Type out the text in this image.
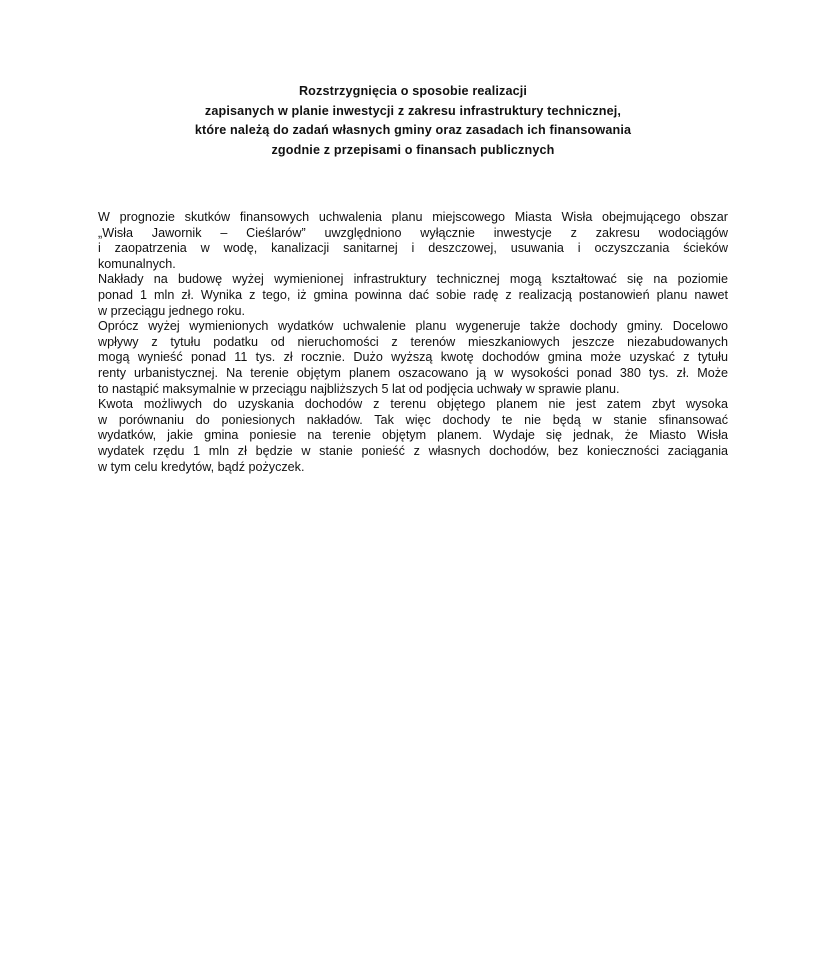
Rozstrzygnięcia o sposobie realizacji
zapisanych w planie inwestycji z zakresu infrastruktury technicznej,
które należą do zadań własnych gminy oraz zasadach ich finansowania
zgodnie z przepisami o finansach publicznych
W prognozie skutków finansowych uchwalenia planu miejscowego Miasta Wisła obejmującego obszar
„Wisła Jawornik – Cieślarów” uwzględniono wyłącznie inwestycje z zakresu wodociągów
i zaopatrzenia w wodę, kanalizacji sanitarnej i deszczowej, usuwania i oczyszczania ścieków
komunalnych.
Nakłady na budowę wyżej wymienionej infrastruktury technicznej mogą kształtować się na poziomie
ponad 1 mln zł. Wynika z tego, iż gmina powinna dać sobie radę z realizacją postanowień planu nawet
w przeciągu jednego roku.
Oprócz wyżej wymienionych wydatków uchwalenie planu wygeneruje także dochody gminy. Docelowo
wpływy z tytułu podatku od nieruchomości z terenów mieszkaniowych jeszcze niezabudowanych
mogą wynieść ponad 11 tys. zł rocznie. Dużo wyższą kwotę dochodów gmina może uzyskać z tytułu
renty urbanistycznej. Na terenie objętym planem oszacowano ją w wysokości ponad 380 tys. zł. Może
to nastąpić maksymalnie w przeciągu najbliższych 5 lat od podjęcia uchwały w sprawie planu.
Kwota możliwych do uzyskania dochodów z terenu objętego planem nie jest zatem zbyt wysoka
w porównaniu do poniesionych nakładów. Tak więc dochody te nie będą w stanie sfinansować
wydatków, jakie gmina poniesie na terenie objętym planem. Wydaje się jednak, że Miasto Wisła
wydatek rzędu 1 mln zł będzie w stanie ponieść z własnych dochodów, bez konieczności zaciągania
w tym celu kredytów, bądź pożyczek.
